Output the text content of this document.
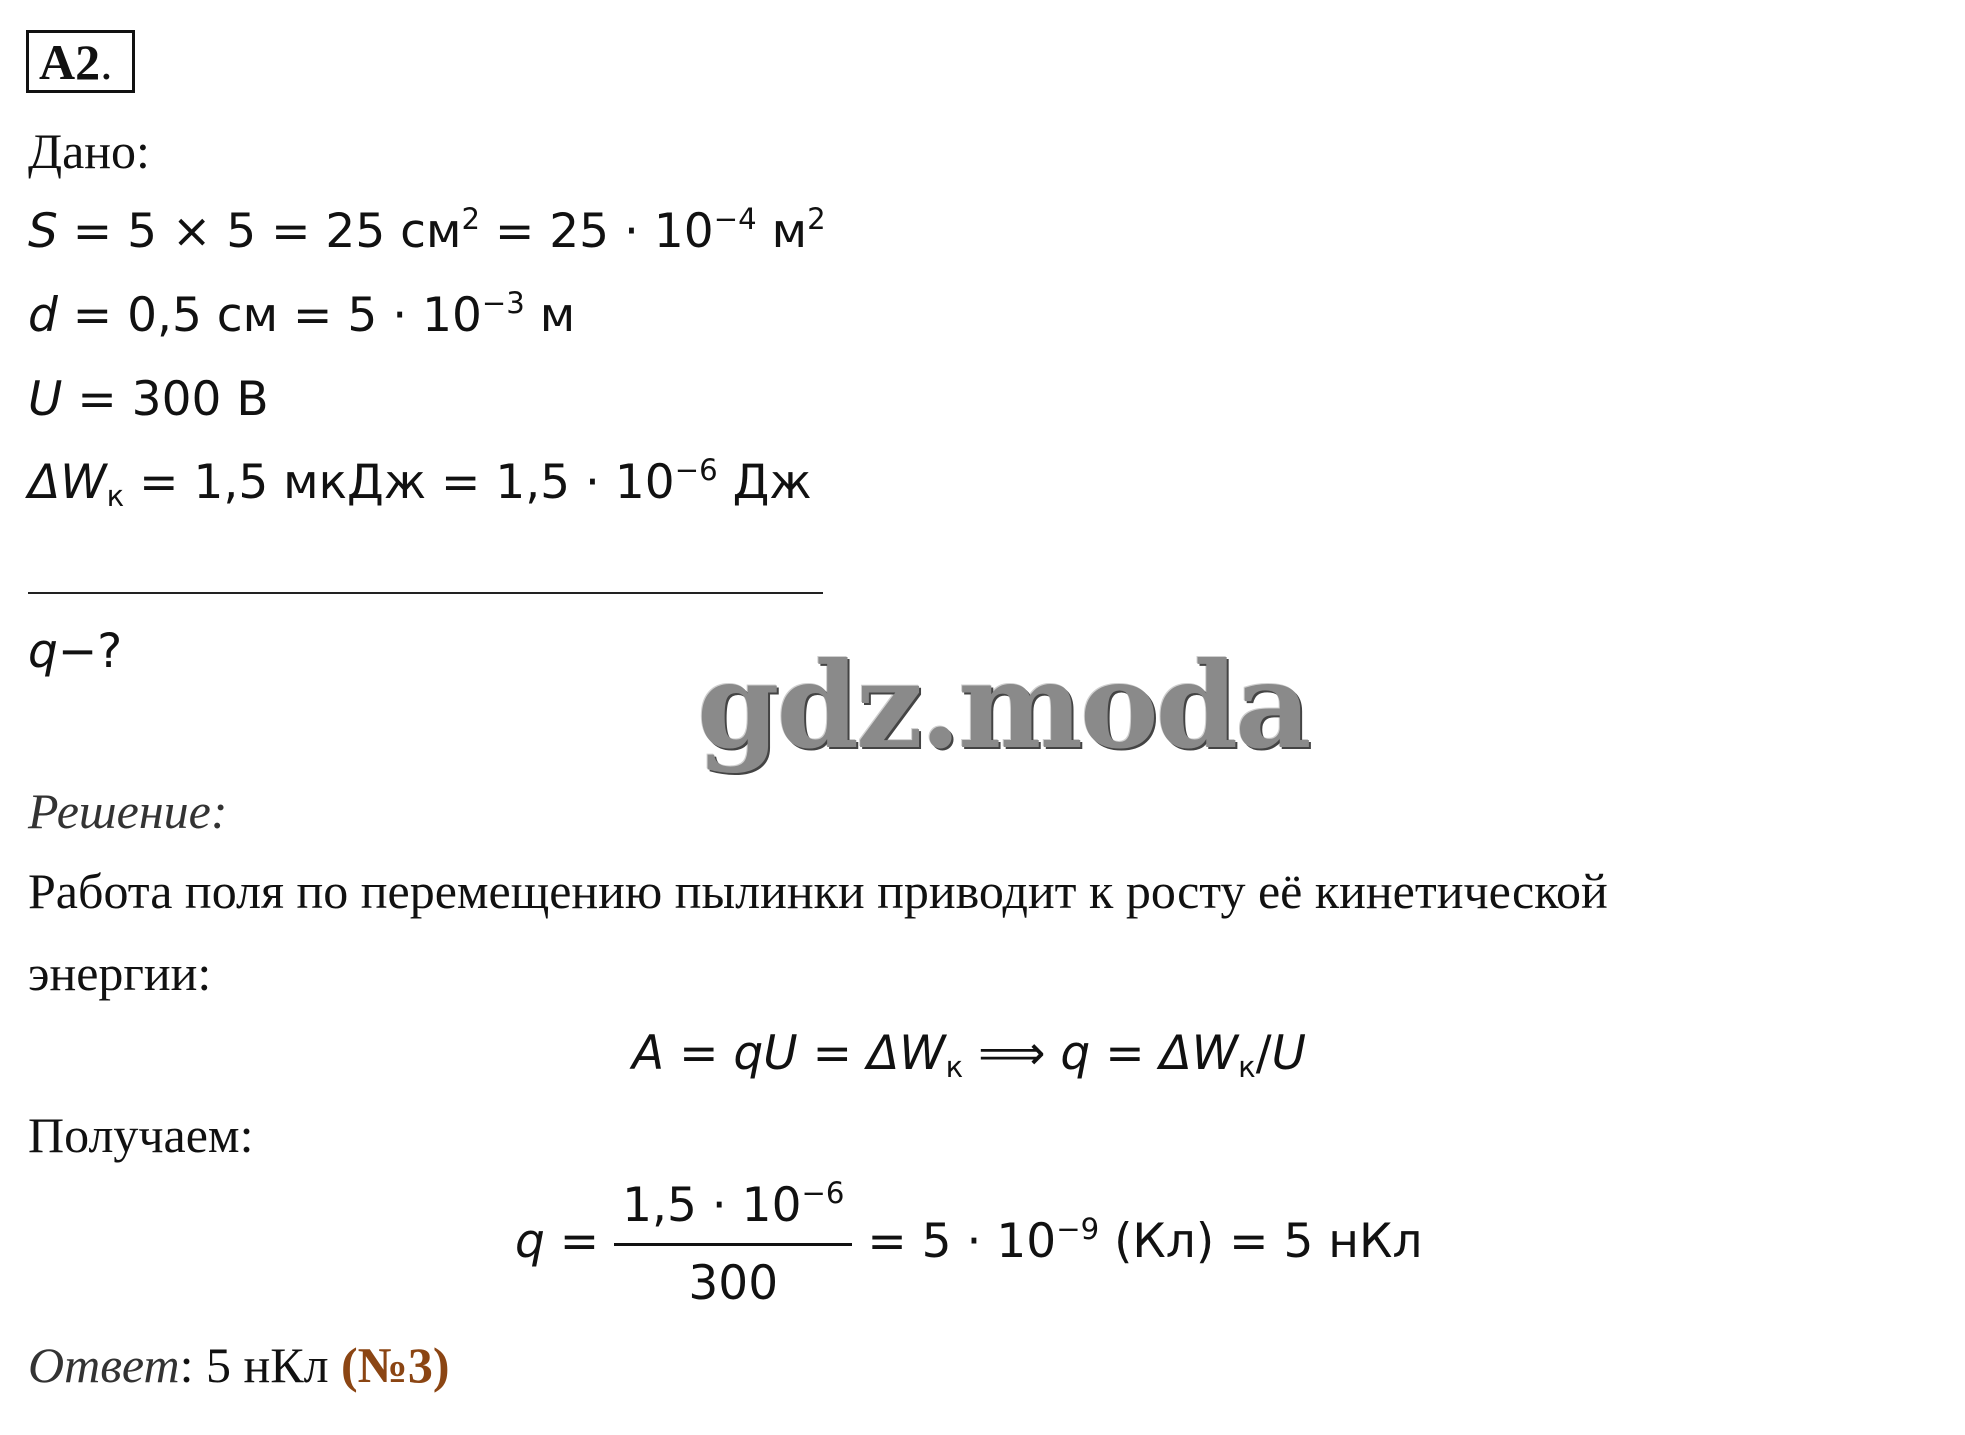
A2.
Дано:
S = 5 × 5 = 25 $см^2 = 25 \cdot 10^{-4}$ $м^2$
d = 0,5 см = $5 \cdot 10^{-3}$ м
U = 300 В
$\Delta W_к = 1,5$ мкДж = $1,5 \cdot 10^{-6}$ Дж
q−?	gdz.moda
Решение:
Работа поля по перемещению пылинки приводит к росту её кинетической
энергии:
A = qU = $\Delta W_к$ ⟹ $q = \Delta W_к/U$
Получаем:
$q = \frac{1,5 \cdot 10^{-6}}{300} = 5 \cdot 10^{-9}$ (Кл) = 5 нКл
Ответ: 5 нКл (№3)
